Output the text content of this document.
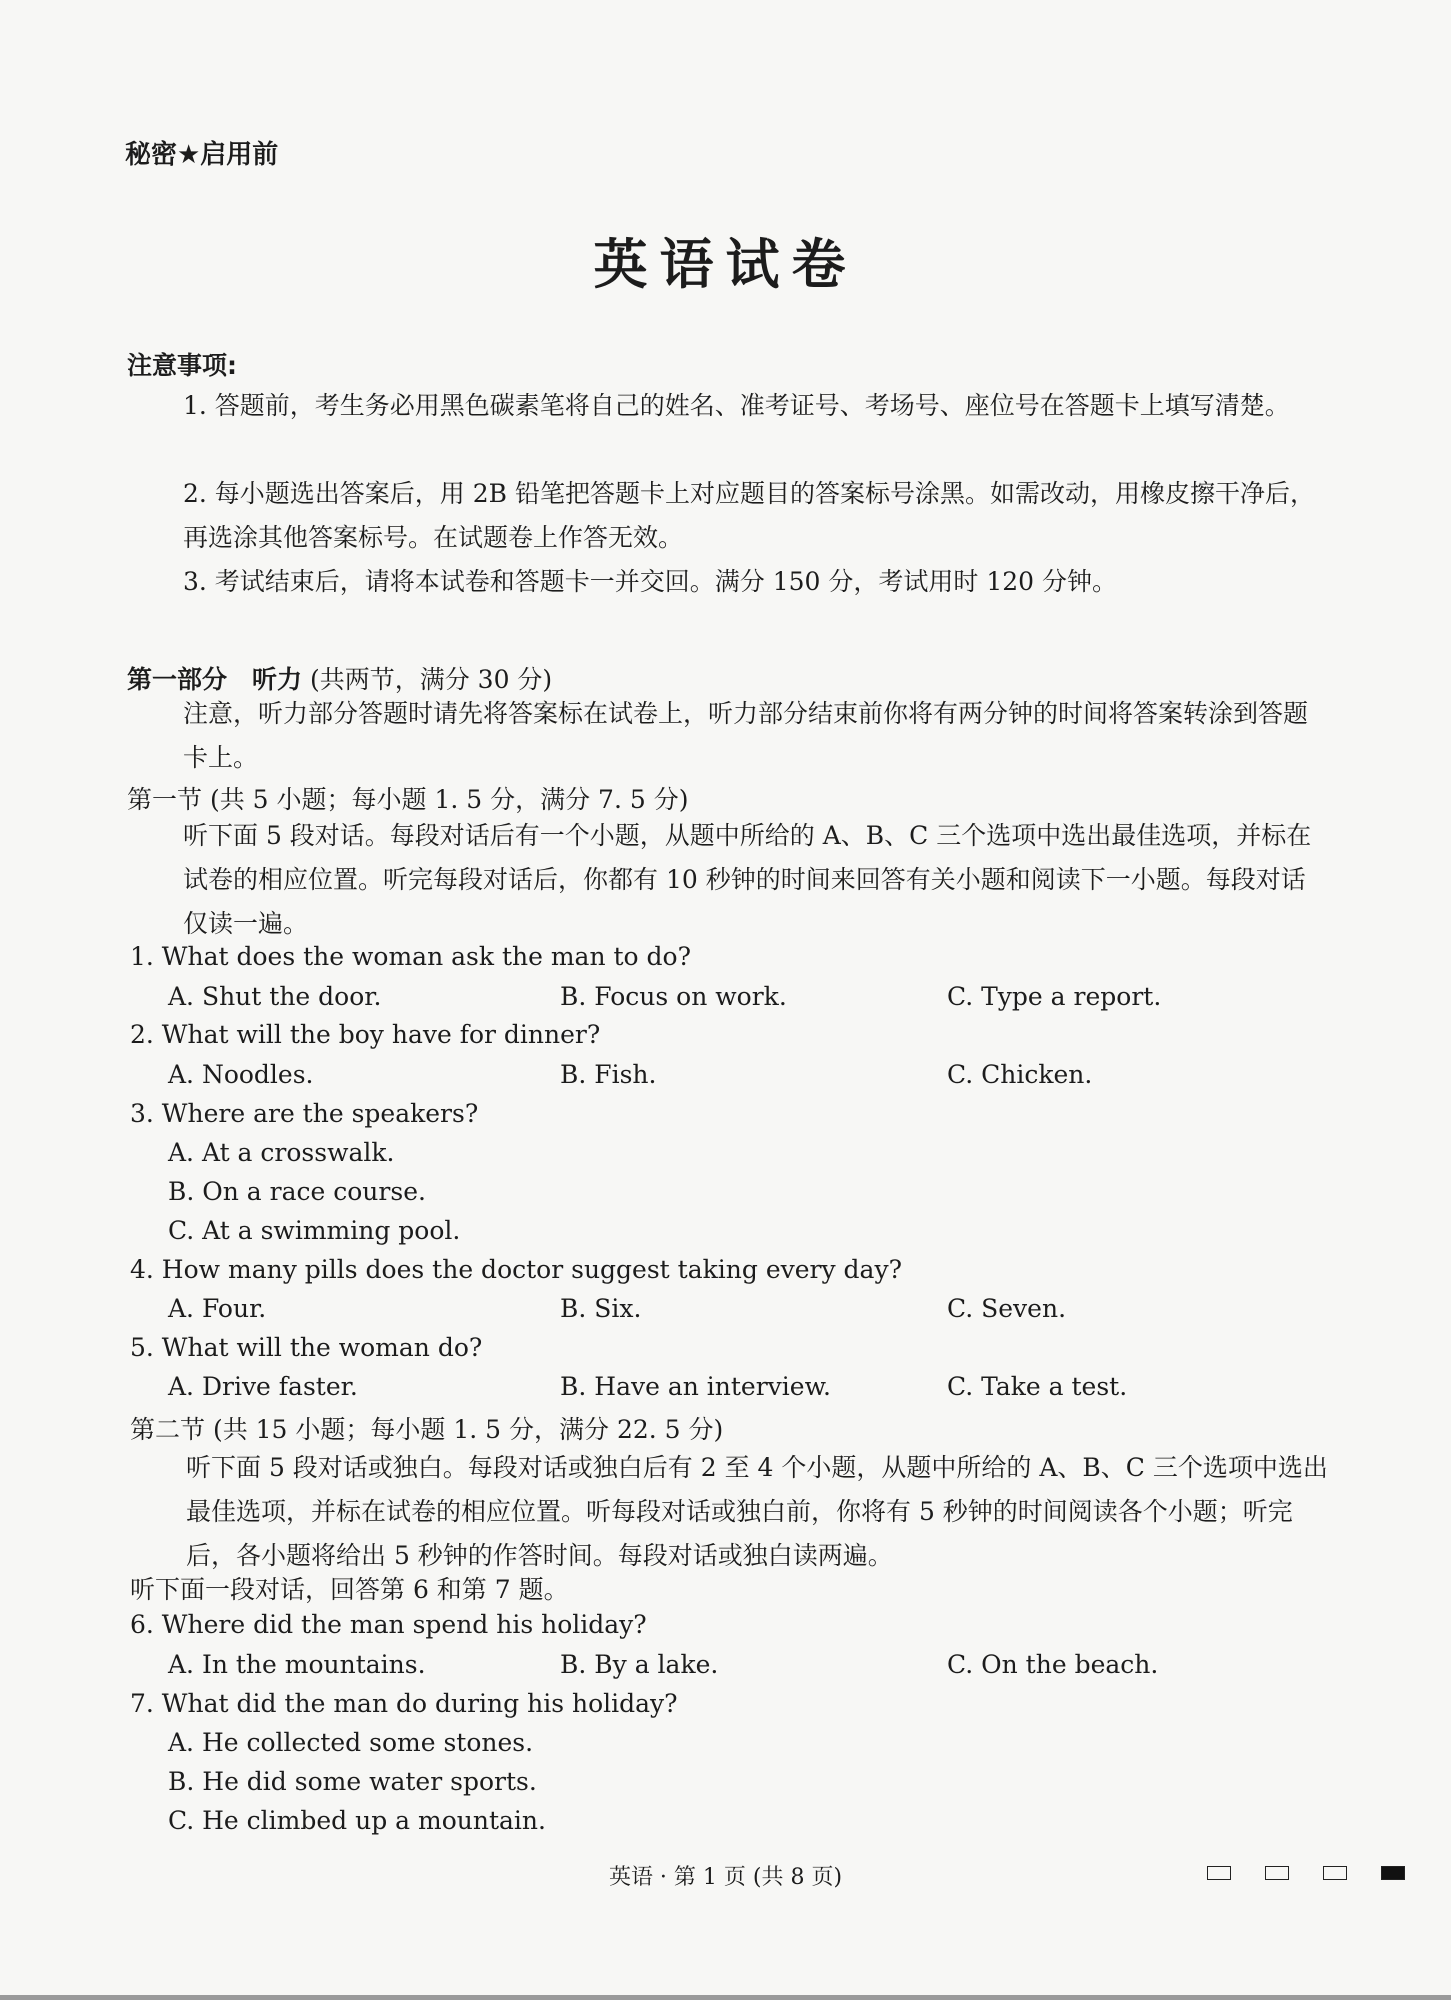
秘密★启用前
英语试卷
注意事项:
1. 答题前，考生务必用黑色碳素笔将自己的姓名、准考证号、考场号、座位号在答题卡上填写清楚。
2. 每小题选出答案后，用 2B 铅笔把答题卡上对应题目的答案标号涂黑。如需改动，用橡皮擦干净后，再选涂其他答案标号。在试题卷上作答无效。
3. 考试结束后，请将本试卷和答题卡一并交回。满分 150 分，考试用时 120 分钟。
第一部分　听力 (共两节，满分 30 分)
注意，听力部分答题时请先将答案标在试卷上，听力部分结束前你将有两分钟的时间将答案转涂到答题卡上。
第一节 (共 5 小题；每小题 1. 5 分，满分 7. 5 分)
听下面 5 段对话。每段对话后有一个小题，从题中所给的 A、B、C 三个选项中选出最佳选项，并标在试卷的相应位置。听完每段对话后，你都有 10 秒钟的时间来回答有关小题和阅读下一小题。每段对话仅读一遍。
1. What does the woman ask the man to do?
A. Shut the door.	B. Focus on work.	C. Type a report.
2. What will the boy have for dinner?
A. Noodles.	B. Fish.	C. Chicken.
3. Where are the speakers?
A. At a crosswalk.
B. On a race course.
C. At a swimming pool.
4. How many pills does the doctor suggest taking every day?
A. Four.	B. Six.	C. Seven.
5. What will the woman do?
A. Drive faster.	B. Have an interview.	C. Take a test.
第二节 (共 15 小题；每小题 1. 5 分，满分 22. 5 分)
听下面 5 段对话或独白。每段对话或独白后有 2 至 4 个小题，从题中所给的 A、B、C 三个选项中选出最佳选项，并标在试卷的相应位置。听每段对话或独白前，你将有 5 秒钟的时间阅读各个小题；听完后，各小题将给出 5 秒钟的作答时间。每段对话或独白读两遍。
听下面一段对话，回答第 6 和第 7 题。
6. Where did the man spend his holiday?
A. In the mountains.	B. By a lake.	C. On the beach.
7. What did the man do during his holiday?
A. He collected some stones.
B. He did some water sports.
C. He climbed up a mountain.
英语 · 第 1 页 (共 8 页)
